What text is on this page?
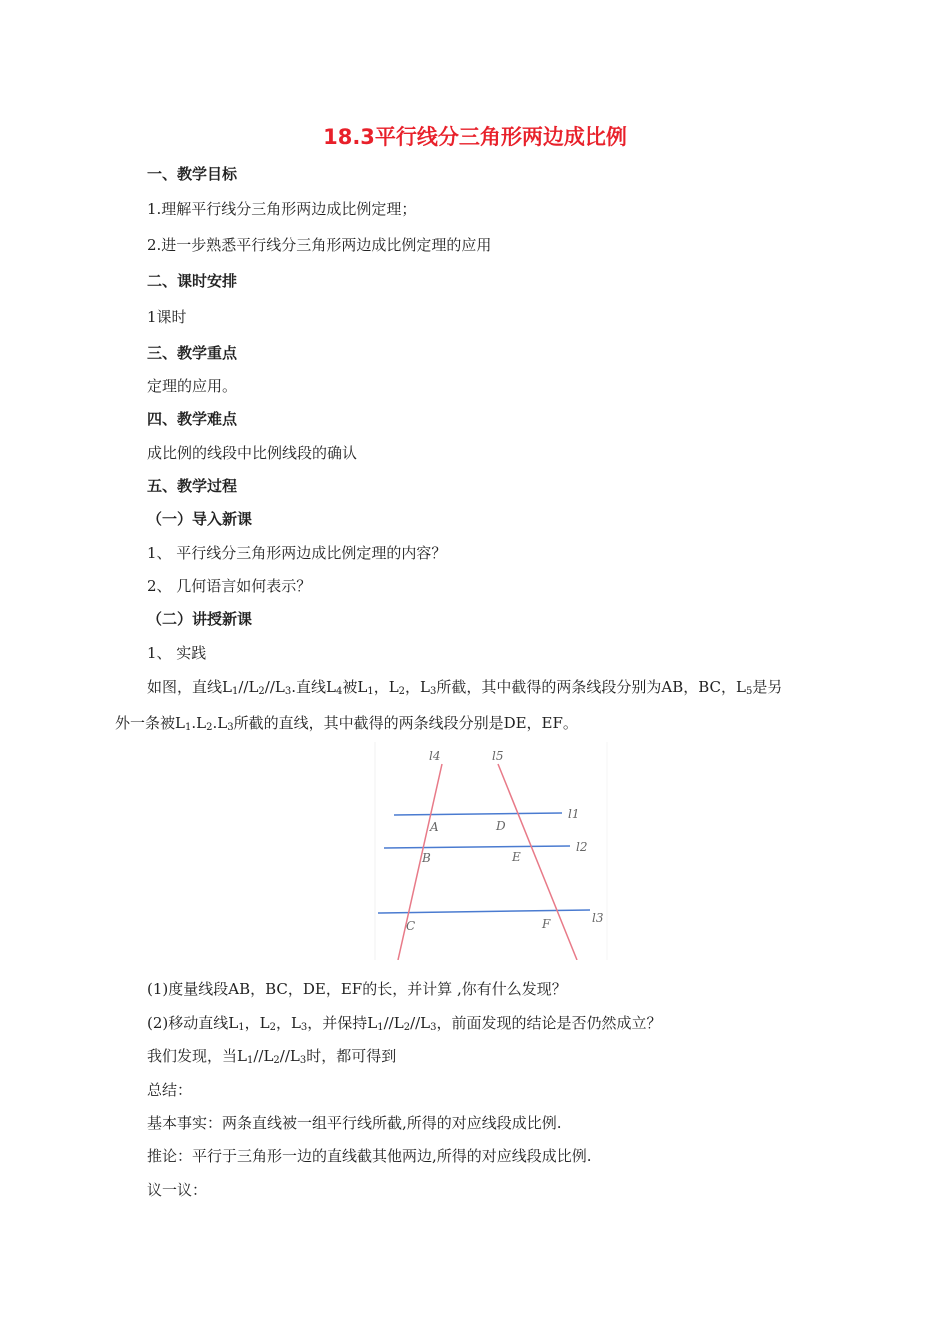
18.3平行线分三角形两边成比例
一、教学目标
1.理解平行线分三角形两边成比例定理；
2.进一步熟悉平行线分三角形两边成比例定理的应用
二、课时安排
1课时
三、教学重点
定理的应用。
四、教学难点
成比例的线段中比例线段的确认
五、教学过程
（一）导入新课
1、 平行线分三角形两边成比例定理的内容？
2、 几何语言如何表示？
（二）讲授新课
1、 实践
如图，直线$L_1//L_2//L_3$.直线$L_4$被$L_1$，$L_2$，$L_3$所截，其中截得的两条线段分别为AB，BC，$L_5$是另
外一条被$L_1.L_2.L_3$所截的直线，其中截得的两条线段分别是DE，EF。
l4	l5
l1
l2
l3
A	D
B	E
C	F
(1)度量线段AB，BC，DE，EF的长，并计算 ,你有什么发现？
(2)移动直线$L_1$，$L_2$，$L_3$，并保持$L_1//L_2//L_3$，前面发现的结论是否仍然成立？
我们发现，当$L_1//L_2//L_3$时，都可得到
总结：
基本事实：两条直线被一组平行线所截,所得的对应线段成比例.
推论：平行于三角形一边的直线截其他两边,所得的对应线段成比例.
议一议：
